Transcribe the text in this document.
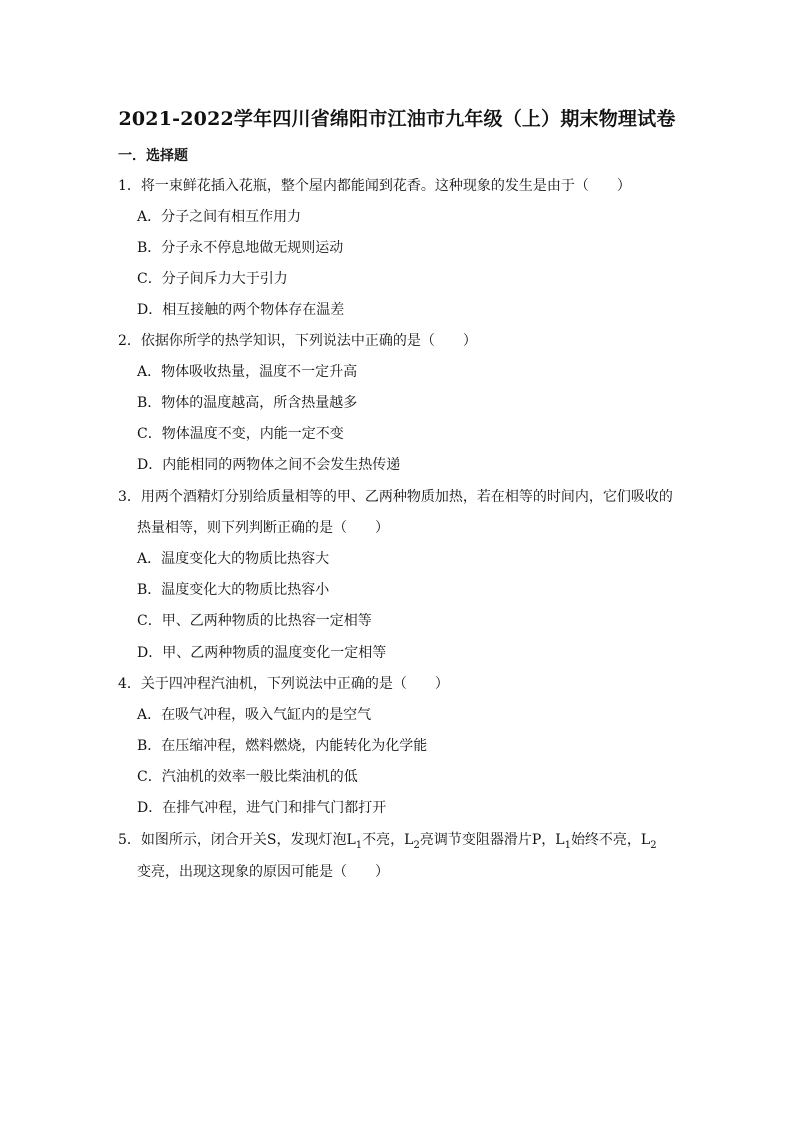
2021-2022学年四川省绵阳市江油市九年级（上）期末物理试卷
一．选择题
1．将一束鲜花插入花瓶，整个屋内都能闻到花香。这种现象的发生是由于（　　）
A．分子之间有相互作用力
B．分子永不停息地做无规则运动
C．分子间斥力大于引力
D．相互接触的两个物体存在温差
2．依据你所学的热学知识，下列说法中正确的是（　　）
A．物体吸收热量，温度不一定升高
B．物体的温度越高，所含热量越多
C．物体温度不变，内能一定不变
D．内能相同的两物体之间不会发生热传递
3．用两个酒精灯分别给质量相等的甲、乙两种物质加热，若在相等的时间内，它们吸收的
热量相等，则下列判断正确的是（　　）
A．温度变化大的物质比热容大
B．温度变化大的物质比热容小
C．甲、乙两种物质的比热容一定相等
D．甲、乙两种物质的温度变化一定相等
4．关于四冲程汽油机，下列说法中正确的是（　　）
A．在吸气冲程，吸入气缸内的是空气
B．在压缩冲程，燃料燃烧，内能转化为化学能
C．汽油机的效率一般比柴油机的低
D．在排气冲程，进气门和排气门都打开
5．如图所示，闭合开关S，发现灯泡$L_1$不亮，$L_2$亮调节变阻器滑片P，$L_1$始终不亮，$L_2$
变亮，出现这现象的原因可能是（　　）
